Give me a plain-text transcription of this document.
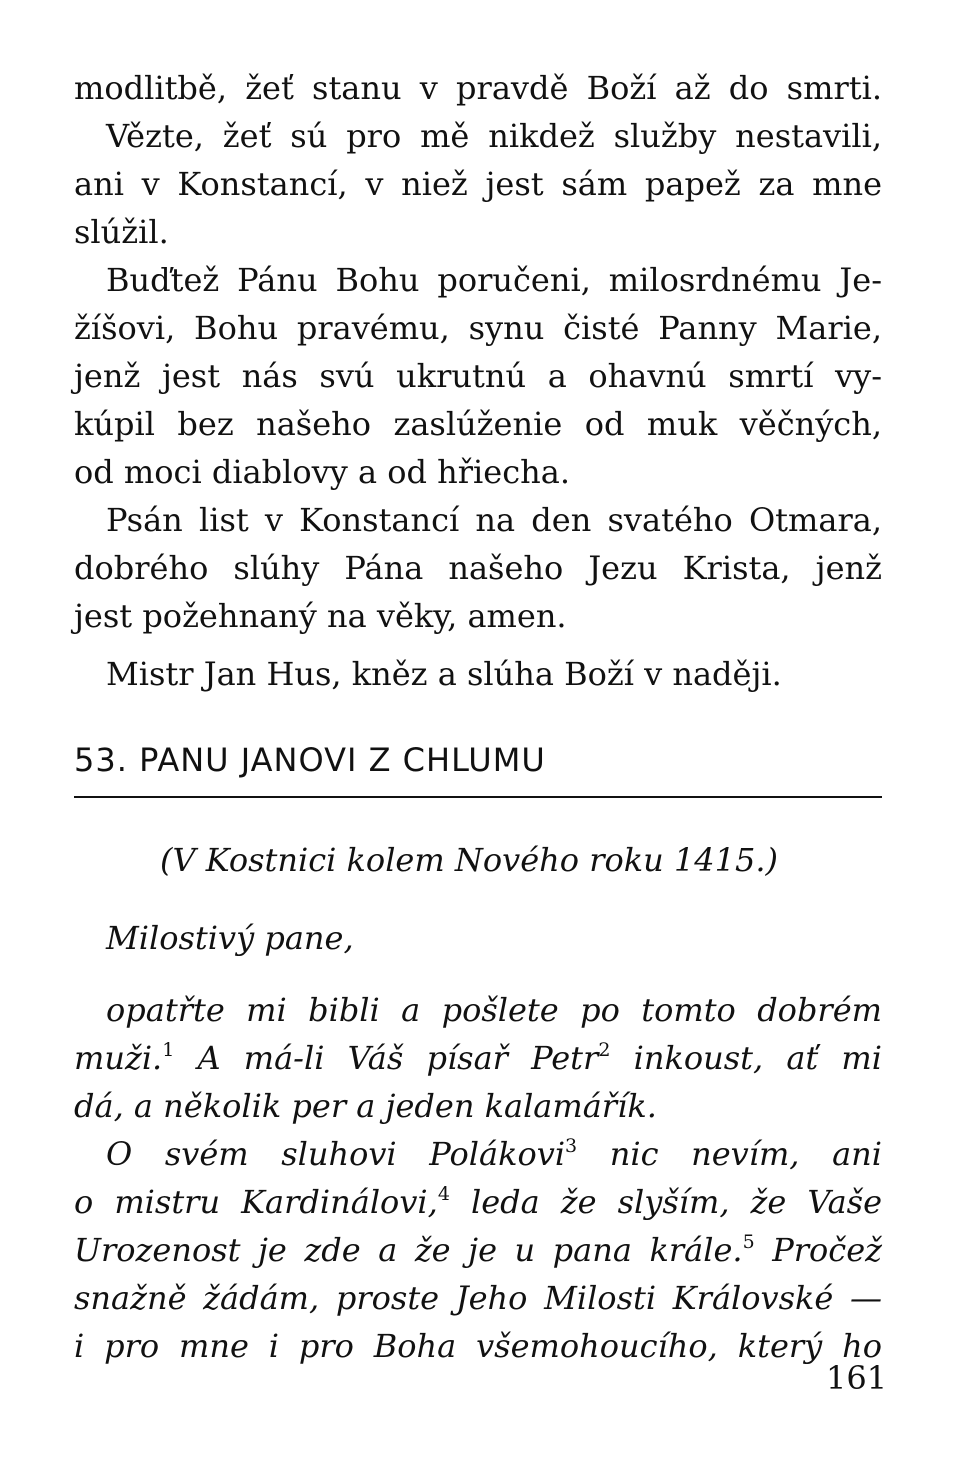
modlitbě, žeť stanu v pravdě Boží až do smrti.
Vězte, žeť sú pro mě nikdež služby nestavili,
ani v Konstancí, v niež jest sám papež za mne
slúžil.
Buďtež Pánu Bohu poručeni, milosrdnému Je-
žíšovi, Bohu pravému, synu čisté Panny Marie,
jenž jest nás svú ukrutnú a ohavnú smrtí vy-
kúpil bez našeho zaslúženie od muk věčných,
od moci diablovy a od hřiecha.
Psán list v Konstancí na den svatého Otmara,
dobrého slúhy Pána našeho Jezu Krista, jenž
jest požehnaný na věky, amen.
Mistr Jan Hus, kněz a slúha Boží v naději.
53. PANU JANOVI Z CHLUMU
(V Kostnici kolem Nového roku 1415.)
Milostivý pane,
opatřte mi bibli a pošlete po tomto dobrém
muži.$^1$ A má-li Váš písař Petr$^2$ inkoust, ať mi
dá, a několik per a jeden kalamářík.
O svém sluhovi Polákovi$^3$ nic nevím, ani
o mistru Kardinálovi,$^4$ leda že slyším, že Vaše
Urozenost je zde a že je u pana krále.$^5$ Pročež
snažně žádám, proste Jeho Milosti Královské —
i pro mne i pro Boha všemohoucího, který ho
161
